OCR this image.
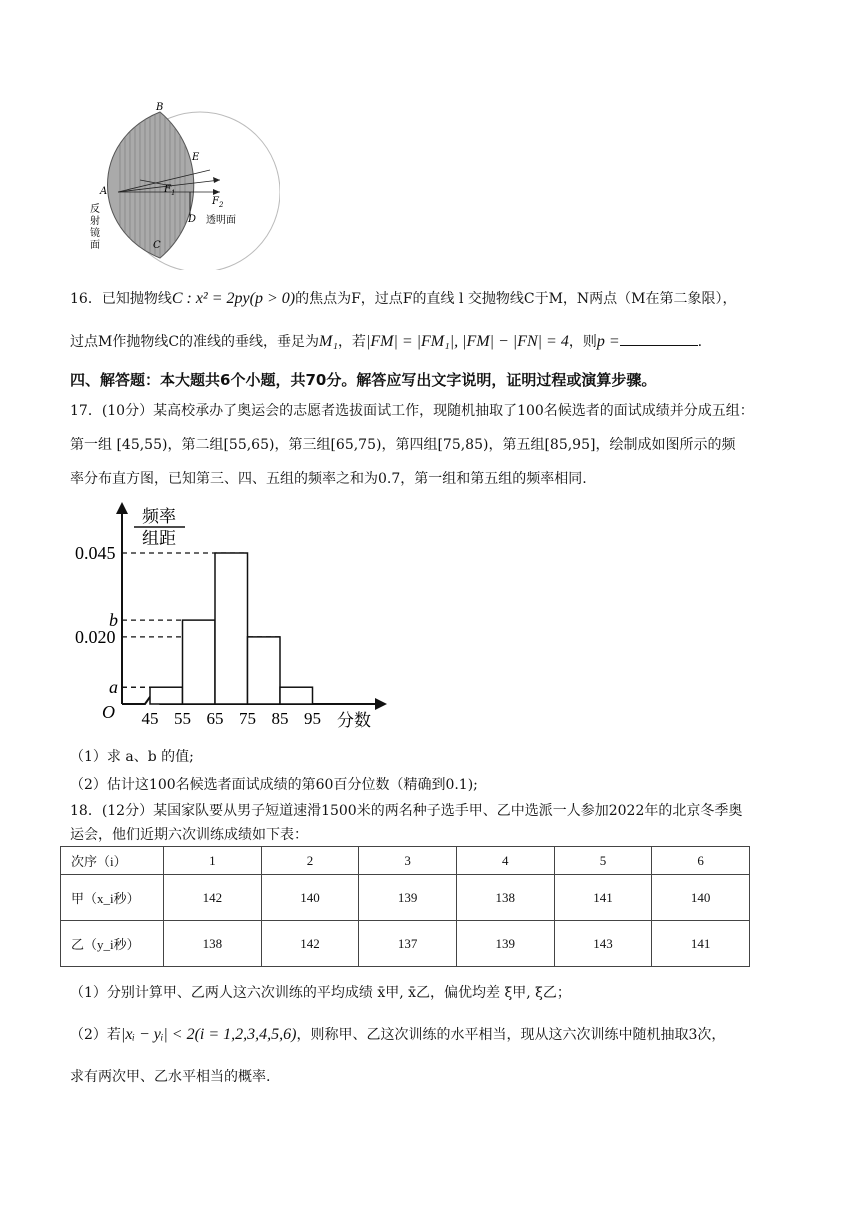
B
E
A	$F_1$
$F_2$
D 透明面
C
反
射
镜
面
16．已知抛物线C : x² = 2py(p > 0)的焦点为F，过点F的直线 l 交抛物线C于M，N两点（M在第二象限），
过点M作抛物线C的准线的垂线，垂足为M₁，若|FM| = |FM₁|, |FM| − |FN| = 4，则p =	.
四、解答题：本大题共6个小题，共70分。解答应写出文字说明，证明过程或演算步骤。
17．(10分）某高校承办了奥运会的志愿者选拔面试工作，现随机抽取了100名候选者的面试成绩并分成五组：
第一组 [45,55)，第二组[55,65)，第三组[65,75)，第四组[75,85)，第五组[85,95]，绘制成如图所示的频
率分布直方图，已知第三、四、五组的频率之和为0.7，第一组和第五组的频率相同.
频率
组距
O	分数
a
b
0.045
0.020
45 55 65 75 85 95
（1）求 a、b 的值;
（2）估计这100名候选者面试成绩的第60百分位数（精确到0.1);
18．(12分）某国家队要从男子短道速滑1500米的两名种子选手甲、乙中选派一人参加2022年的北京冬季奥
运会，他们近期六次训练成绩如下表：
次序（i）	1	2	3	4	5	6
甲（x_i秒）	142	140	139	138	141	140
乙（y_i秒）	138	142	137	139	143	141
（1）分别计算甲、乙两人这六次训练的平均成绩 x̄甲, x̄乙，偏优均差 ξ甲, ξ乙；
（2）若|xᵢ − yᵢ| < 2(i = 1,2,3,4,5,6)，则称甲、乙这次训练的水平相当，现从这六次训练中随机抽取3次，
求有两次甲、乙水平相当的概率.
